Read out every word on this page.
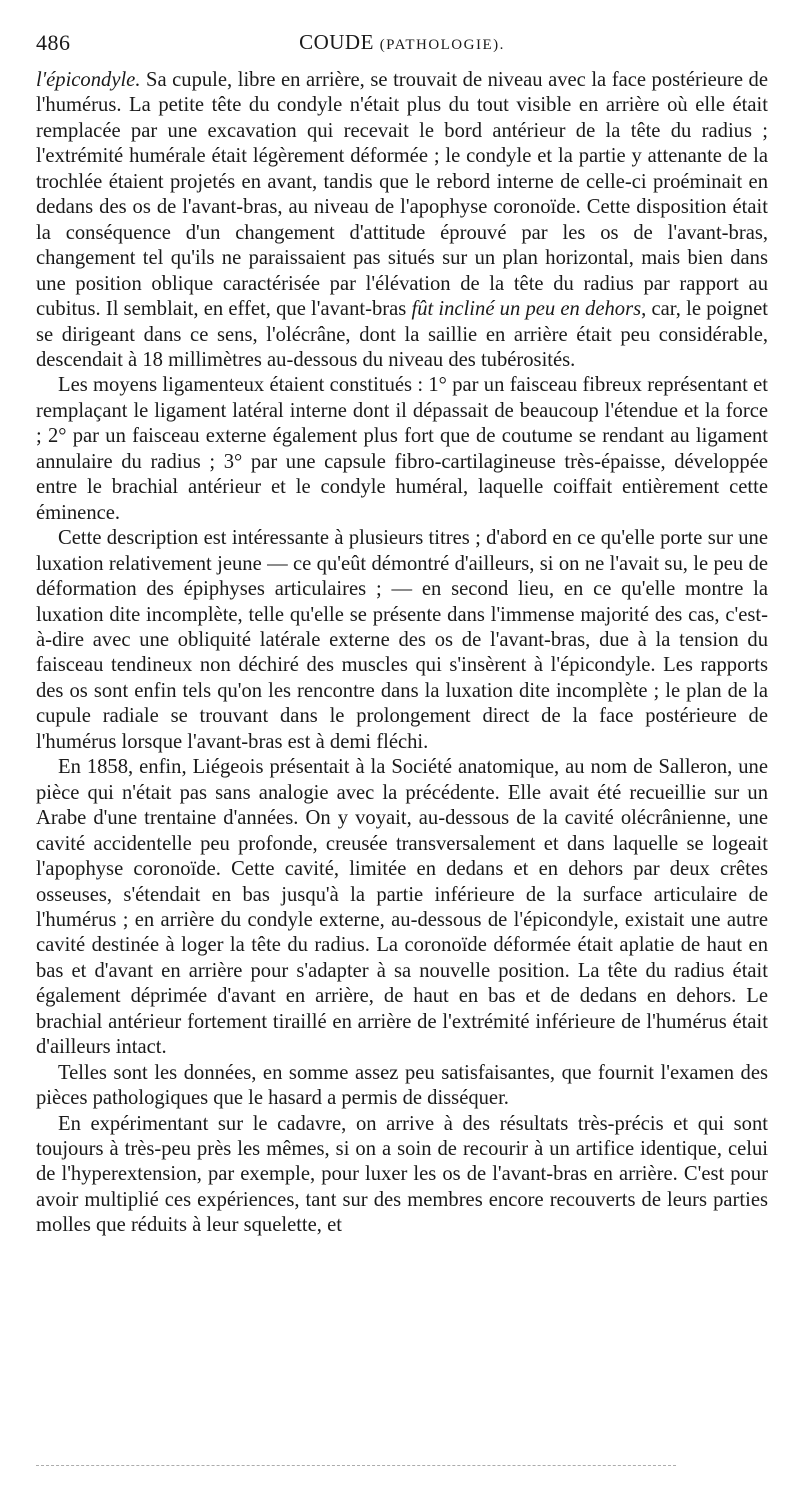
486	COUDE (PATHOLOGIE).

l'épicondyle. Sa cupule, libre en arrière, se trouvait de niveau avec la face postérieure de l'humérus. La petite tête du condyle n'était plus du tout visible en arrière où elle était remplacée par une excavation qui recevait le bord antérieur de la tête du radius ; l'extrémité humérale était légèrement déformée ; le condyle et la partie y attenante de la trochlée étaient projetés en avant, tandis que le rebord interne de celle-ci proéminait en dedans des os de l'avant-bras, au niveau de l'apophyse coronoïde. Cette disposition était la conséquence d'un changement d'attitude éprouvé par les os de l'avant-bras, changement tel qu'ils ne paraissaient pas situés sur un plan horizontal, mais bien dans une position oblique caractérisée par l'élévation de la tête du radius par rapport au cubitus. Il semblait, en effet, que l'avant-bras fût incliné un peu en dehors, car, le poignet se dirigeant dans ce sens, l'olécrâne, dont la saillie en arrière était peu considérable, descendait à 18 millimètres au-dessous du niveau des tubérosités.

Les moyens ligamenteux étaient constitués : 1° par un faisceau fibreux représentant et remplaçant le ligament latéral interne dont il dépassait de beaucoup l'étendue et la force ; 2° par un faisceau externe également plus fort que de coutume se rendant au ligament annulaire du radius ; 3° par une capsule fibro-cartilagineuse très-épaisse, développée entre le brachial antérieur et le condyle huméral, laquelle coiffait entièrement cette éminence.

Cette description est intéressante à plusieurs titres ; d'abord en ce qu'elle porte sur une luxation relativement jeune — ce qu'eût démontré d'ailleurs, si on ne l'avait su, le peu de déformation des épiphyses articulaires ; — en second lieu, en ce qu'elle montre la luxation dite incomplète, telle qu'elle se présente dans l'immense majorité des cas, c'est-à-dire avec une obliquité latérale externe des os de l'avant-bras, due à la tension du faisceau tendineux non déchiré des muscles qui s'insèrent à l'épicondyle. Les rapports des os sont enfin tels qu'on les rencontre dans la luxation dite incomplète ; le plan de la cupule radiale se trouvant dans le prolongement direct de la face postérieure de l'humérus lorsque l'avant-bras est à demi fléchi.

En 1858, enfin, Liégeois présentait à la Société anatomique, au nom de Salleron, une pièce qui n'était pas sans analogie avec la précédente. Elle avait été recueillie sur un Arabe d'une trentaine d'années. On y voyait, au-dessous de la cavité olécrânienne, une cavité accidentelle peu profonde, creusée transversalement et dans laquelle se logeait l'apophyse coronoïde. Cette cavité, limitée en dedans et en dehors par deux crêtes osseuses, s'étendait en bas jusqu'à la partie inférieure de la surface articulaire de l'humérus ; en arrière du condyle externe, au-dessous de l'épicondyle, existait une autre cavité destinée à loger la tête du radius. La coronoïde déformée était aplatie de haut en bas et d'avant en arrière pour s'adapter à sa nouvelle position. La tête du radius était également déprimée d'avant en arrière, de haut en bas et de dedans en dehors. Le brachial antérieur fortement tiraillé en arrière de l'extrémité inférieure de l'humérus était d'ailleurs intact.

Telles sont les données, en somme assez peu satisfaisantes, que fournit l'examen des pièces pathologiques que le hasard a permis de disséquer.

En expérimentant sur le cadavre, on arrive à des résultats très-précis et qui sont toujours à très-peu près les mêmes, si on a soin de recourir à un artifice identique, celui de l'hyperextension, par exemple, pour luxer les os de l'avant-bras en arrière. C'est pour avoir multiplié ces expériences, tant sur des membres encore recouverts de leurs parties molles que réduits à leur squelette, et
